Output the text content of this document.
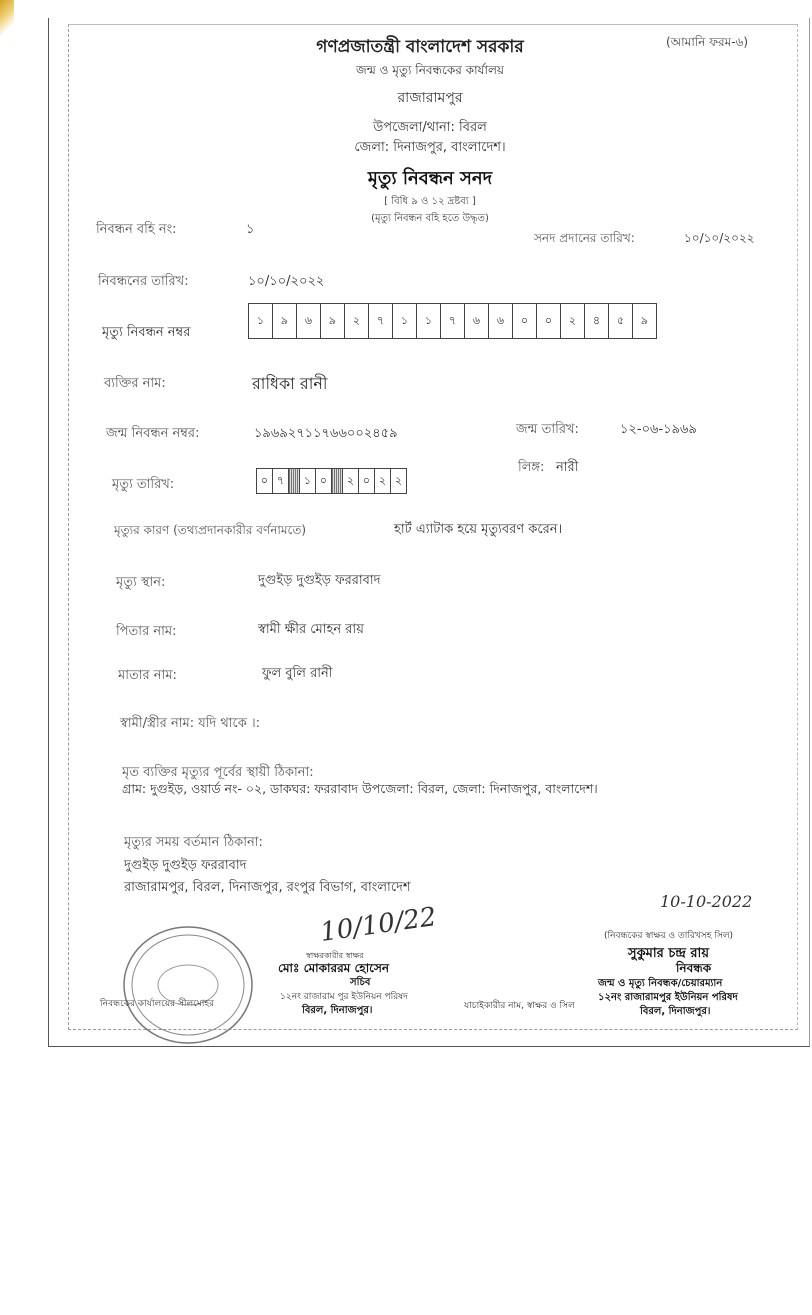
(আমানি ফরম-৬)
গণপ্রজাতন্ত্রী বাংলাদেশ সরকার
জন্ম ও মৃত্যু নিবন্ধকের কার্যালয়
রাজারামপুর
উপজেলা/থানা: বিরল
জেলা: দিনাজপুর, বাংলাদেশ।
মৃত্যু নিবন্ধন সনদ
[ বিধি ৯ ও ১২ দ্রষ্টব্য ]
(মৃত্যু নিবন্ধন বহি হতে উদ্ধৃত)
নিবন্ধন বহি নং:	১
সনদ প্রদানের তারিখ:	১০/১০/২০২২
নিবন্ধনের তারিখ:	১০/১০/২০২২
মৃত্যু নিবন্ধন নম্বর
১	৯	৬	৯	২	৭	১	১	৭	৬	৬	০	০	২	৪	৫	৯
ব্যক্তির নাম:	রাধিকা রানী
জন্ম নিবন্ধন নম্বর:	১৯৬৯২৭১১৭৬৬০০২৪৫৯	জন্ম তারিখ:	১২-০৬-১৯৬৯
লিঙ্গ: নারী
মৃত্যু তারিখ:	০ ৭	১ ০	২ ০ ২ ২
মৃত্যুর কারণ (তথ্যপ্রদানকারীর বর্ণনামতে)	হার্ট এ্যাটাক হয়ে মৃত্যুবরণ করেন।
মৃত্যু স্থান:	দুগুইড় দুগুইড় ফররাবাদ
পিতার নাম:	স্বামী ক্ষীর মোহন রায়
মাতার নাম:	ফুল বুলি রানী
স্বামী/স্ত্রীর নাম: যদি থাকে ।:
মৃত ব্যক্তির মৃত্যুর পূর্বের স্থায়ী ঠিকানা:
গ্রাম: দুগুইড়, ওয়ার্ড নং- ০২, ডাকঘর: ফররাবাদ উপজেলা: বিরল, জেলা: দিনাজপুর, বাংলাদেশ।
মৃত্যুর সময় বর্তমান ঠিকানা:
দুগুইড় দুগুইড় ফররাবাদ
রাজারামপুর, বিরল, দিনাজপুর, রংপুর বিভাগ, বাংলাদেশ
10/10/22
স্বাক্ষরকারীর স্বাক্ষর
মোঃ মোকাররম হোসেন
সচিব
১২নং রাজারাম পুর ইউনিয়ন পরিষদ
বিরল, দিনাজপুর।
নিবন্ধকের কার্যালয়ের সীলমোহর	যাচাইকারীর নাম, স্বাক্ষর ও সিল
10-10-2022
(নিবন্ধকের স্বাক্ষর ও তারিখসহ সিল)
সুকুমার চন্দ্র রায়
নিবন্ধক
জন্ম ও মৃত্যু নিবন্ধক/চেয়ারম্যান
১২নং রাজারামপুর ইউনিয়ন পরিষদ
বিরল, দিনাজপুর।
